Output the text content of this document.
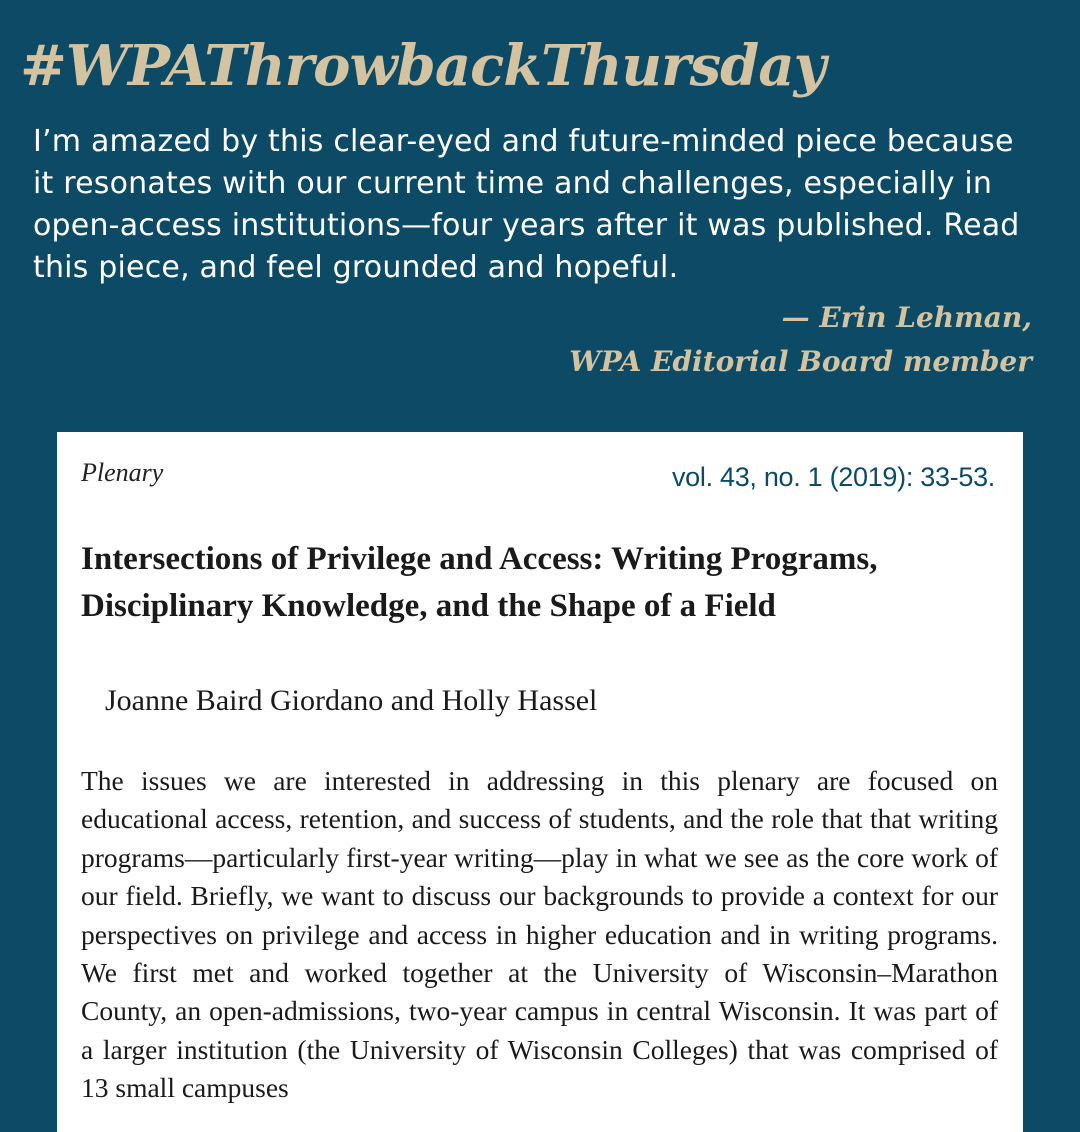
#WPAThrowbackThursday

I’m amazed by this clear-eyed and future-minded piece because it resonates with our current time and challenges, especially in open-access institutions—four years after it was published. Read this piece, and feel grounded and hopeful.

— Erin Lehman,
WPA Editorial Board member
Plenary	vol. 43, no. 1 (2019): 33-53.
Intersections of Privilege and Access: Writing Programs, Disciplinary Knowledge, and the Shape of a Field

Joanne Baird Giordano and Holly Hassel

The issues we are interested in addressing in this plenary are focused on educational access, retention, and success of students, and the role that that writing programs—particularly first-year writing—play in what we see as the core work of our field. Briefly, we want to discuss our backgrounds to provide a context for our perspectives on privilege and access in higher education and in writing programs. We first met and worked together at the University of Wisconsin–Marathon County, an open-admissions, two-year campus in central Wisconsin. It was part of a larger institution (the University of Wisconsin Colleges) that was comprised of 13 small campuses
